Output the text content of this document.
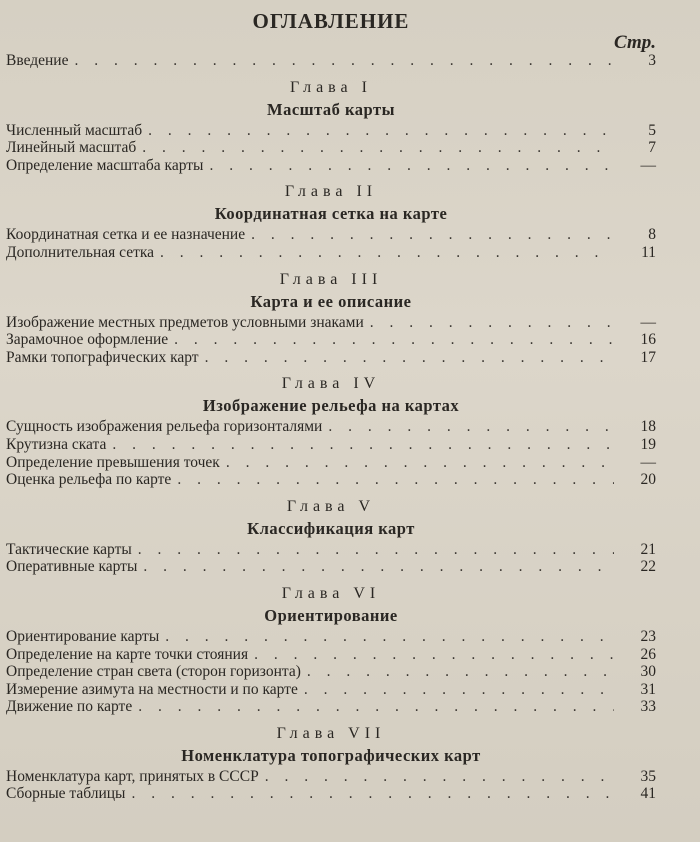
ОГЛАВЛЕНИЕ
Стр.
Введение . . .	3
Глава I
Масштаб карты
Численный масштаб . . .	5
Линейный масштаб . . .	7
Определение масштаба карты . . .	—
Глава II
Координатная сетка на карте
Координатная сетка и ее назначение . . .	8
Дополнительная сетка . . .	11
Глава III
Карта и ее описание
Изображение местных предметов условными знаками . . .	—
Зарамочное оформление . . .	16
Рамки топографических карт . . .	17
Глава IV
Изображение рельефа на картах
Сущность изображения рельефа горизонталями . . .	18
Крутизна ската . . .	19
Определение превышения точек . . .	—
Оценка рельефа по карте . . .	20
Глава V
Классификация карт
Тактические карты . . .	21
Оперативные карты . . .	22
Глава VI
Ориентирование
Ориентирование карты . . .	23
Определение на карте точки стояния . . .	26
Определение стран света (сторон горизонта) . . .	30
Измерение азимута на местности и по карте . . .	31
Движение по карте . . .	33
Глава VII
Номенклатура топографических карт
Номенклатура карт, принятых в СССР . . .	35
Сборные таблицы . . .	41
